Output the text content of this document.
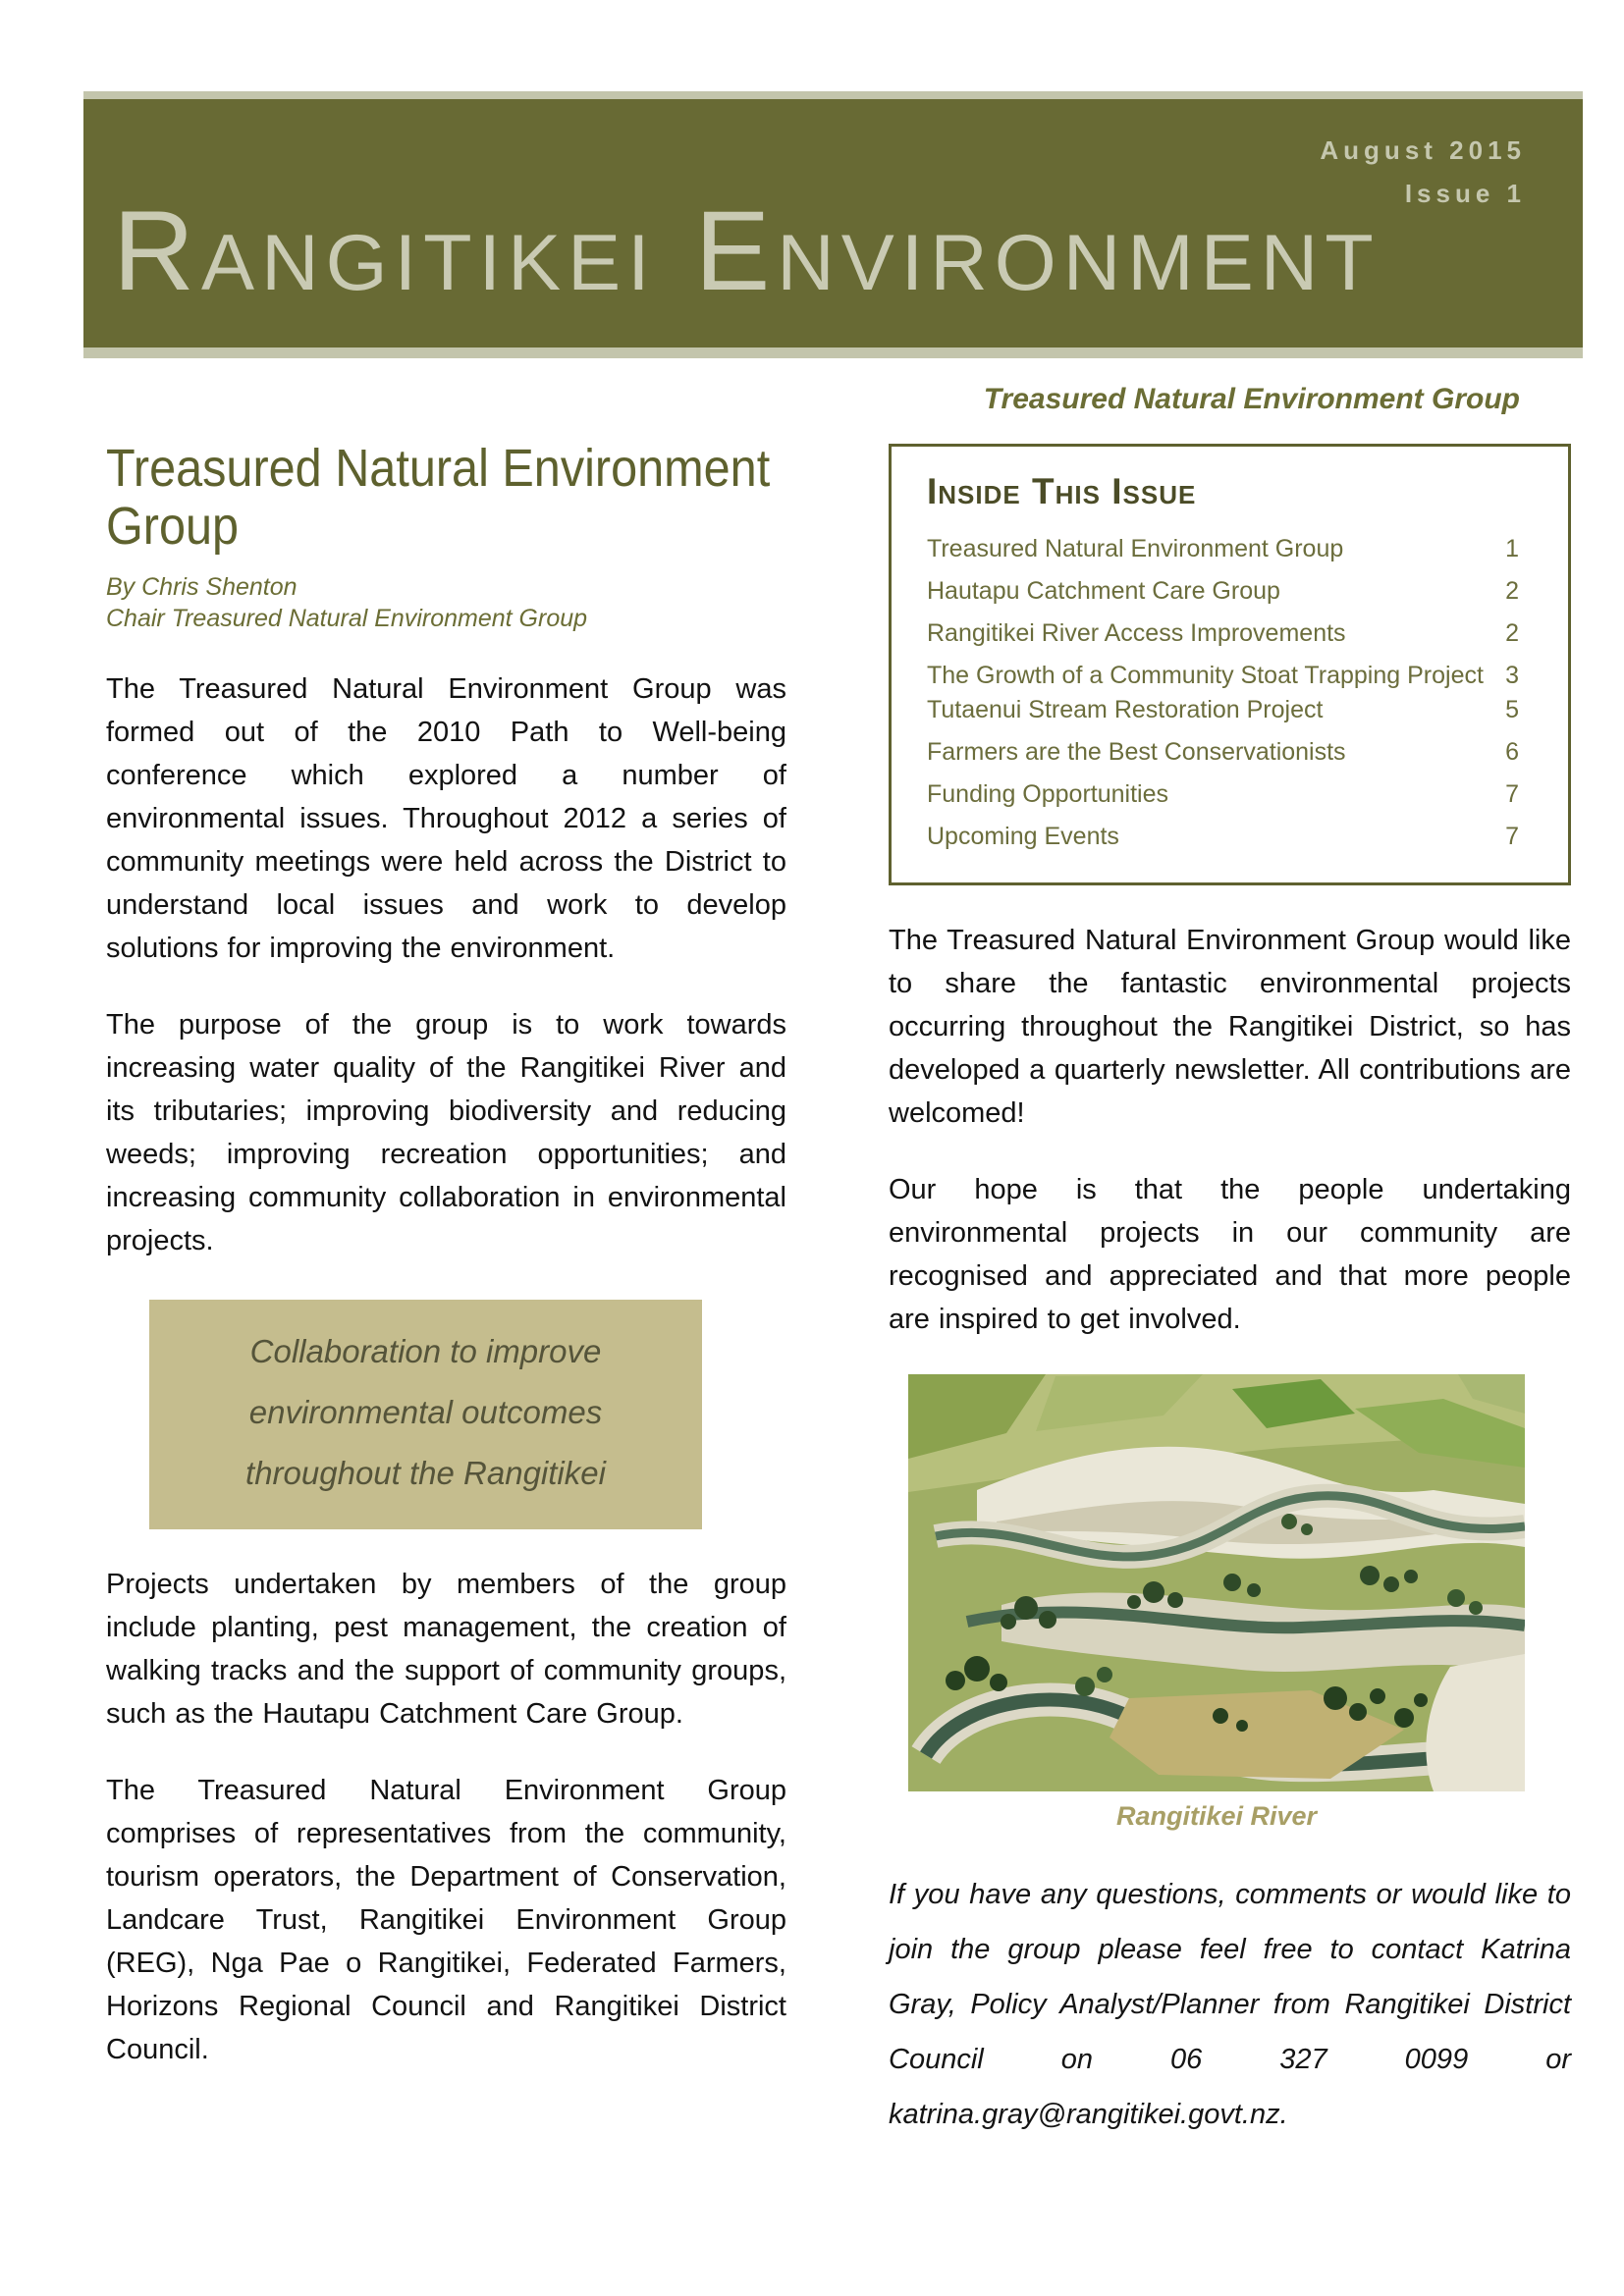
August 2015
Issue 1
Rangitikei Environment
Treasured Natural Environment
Group
By Chris Shenton
Chair Treasured Natural Environment Group

The Treasured Natural Environment Group was formed out of the 2010 Path to Well-being conference which explored a number of environmental issues. Throughout 2012 a series of community meetings were held across the District to understand local issues and work to develop solutions for improving the environment.

The purpose of the group is to work towards increasing water quality of the Rangitikei River and its tributaries; improving biodiversity and reducing weeds; improving recreation opportunities; and increasing community collaboration in environmental projects.

Collaboration to improve
environmental outcomes
throughout the Rangitikei

Projects undertaken by members of the group include planting, pest management, the creation of walking tracks and the support of community groups, such as the Hautapu Catchment Care Group.

The Treasured Natural Environment Group comprises of representatives from the community, tourism operators, the Department of Conservation, Landcare Trust, Rangitikei Environment Group (REG), Nga Pae o Rangitikei, Federated Farmers, Horizons Regional Council and Rangitikei District Council.

Treasured Natural Environment Group
Inside This Issue
Treasured Natural Environment Group	1
Hautapu Catchment Care Group	2
Rangitikei River Access Improvements	2
The Growth of a Community Stoat Trapping Project 3
Tutaenui Stream Restoration Project	5
Farmers are the Best Conservationists	6
Funding Opportunities	7
Upcoming Events	7

The Treasured Natural Environment Group would like to share the fantastic environmental projects occurring throughout the Rangitikei District, so has developed a quarterly newsletter. All contributions are welcomed!

Our hope is that the people undertaking environmental projects in our community are recognised and appreciated and that more people are inspired to get involved.

Rangitikei River

If you have any questions, comments or would like to join the group please feel free to contact Katrina Gray, Policy Analyst/Planner from Rangitikei District Council on 06 327 0099 or katrina.gray@rangitikei.govt.nz.
